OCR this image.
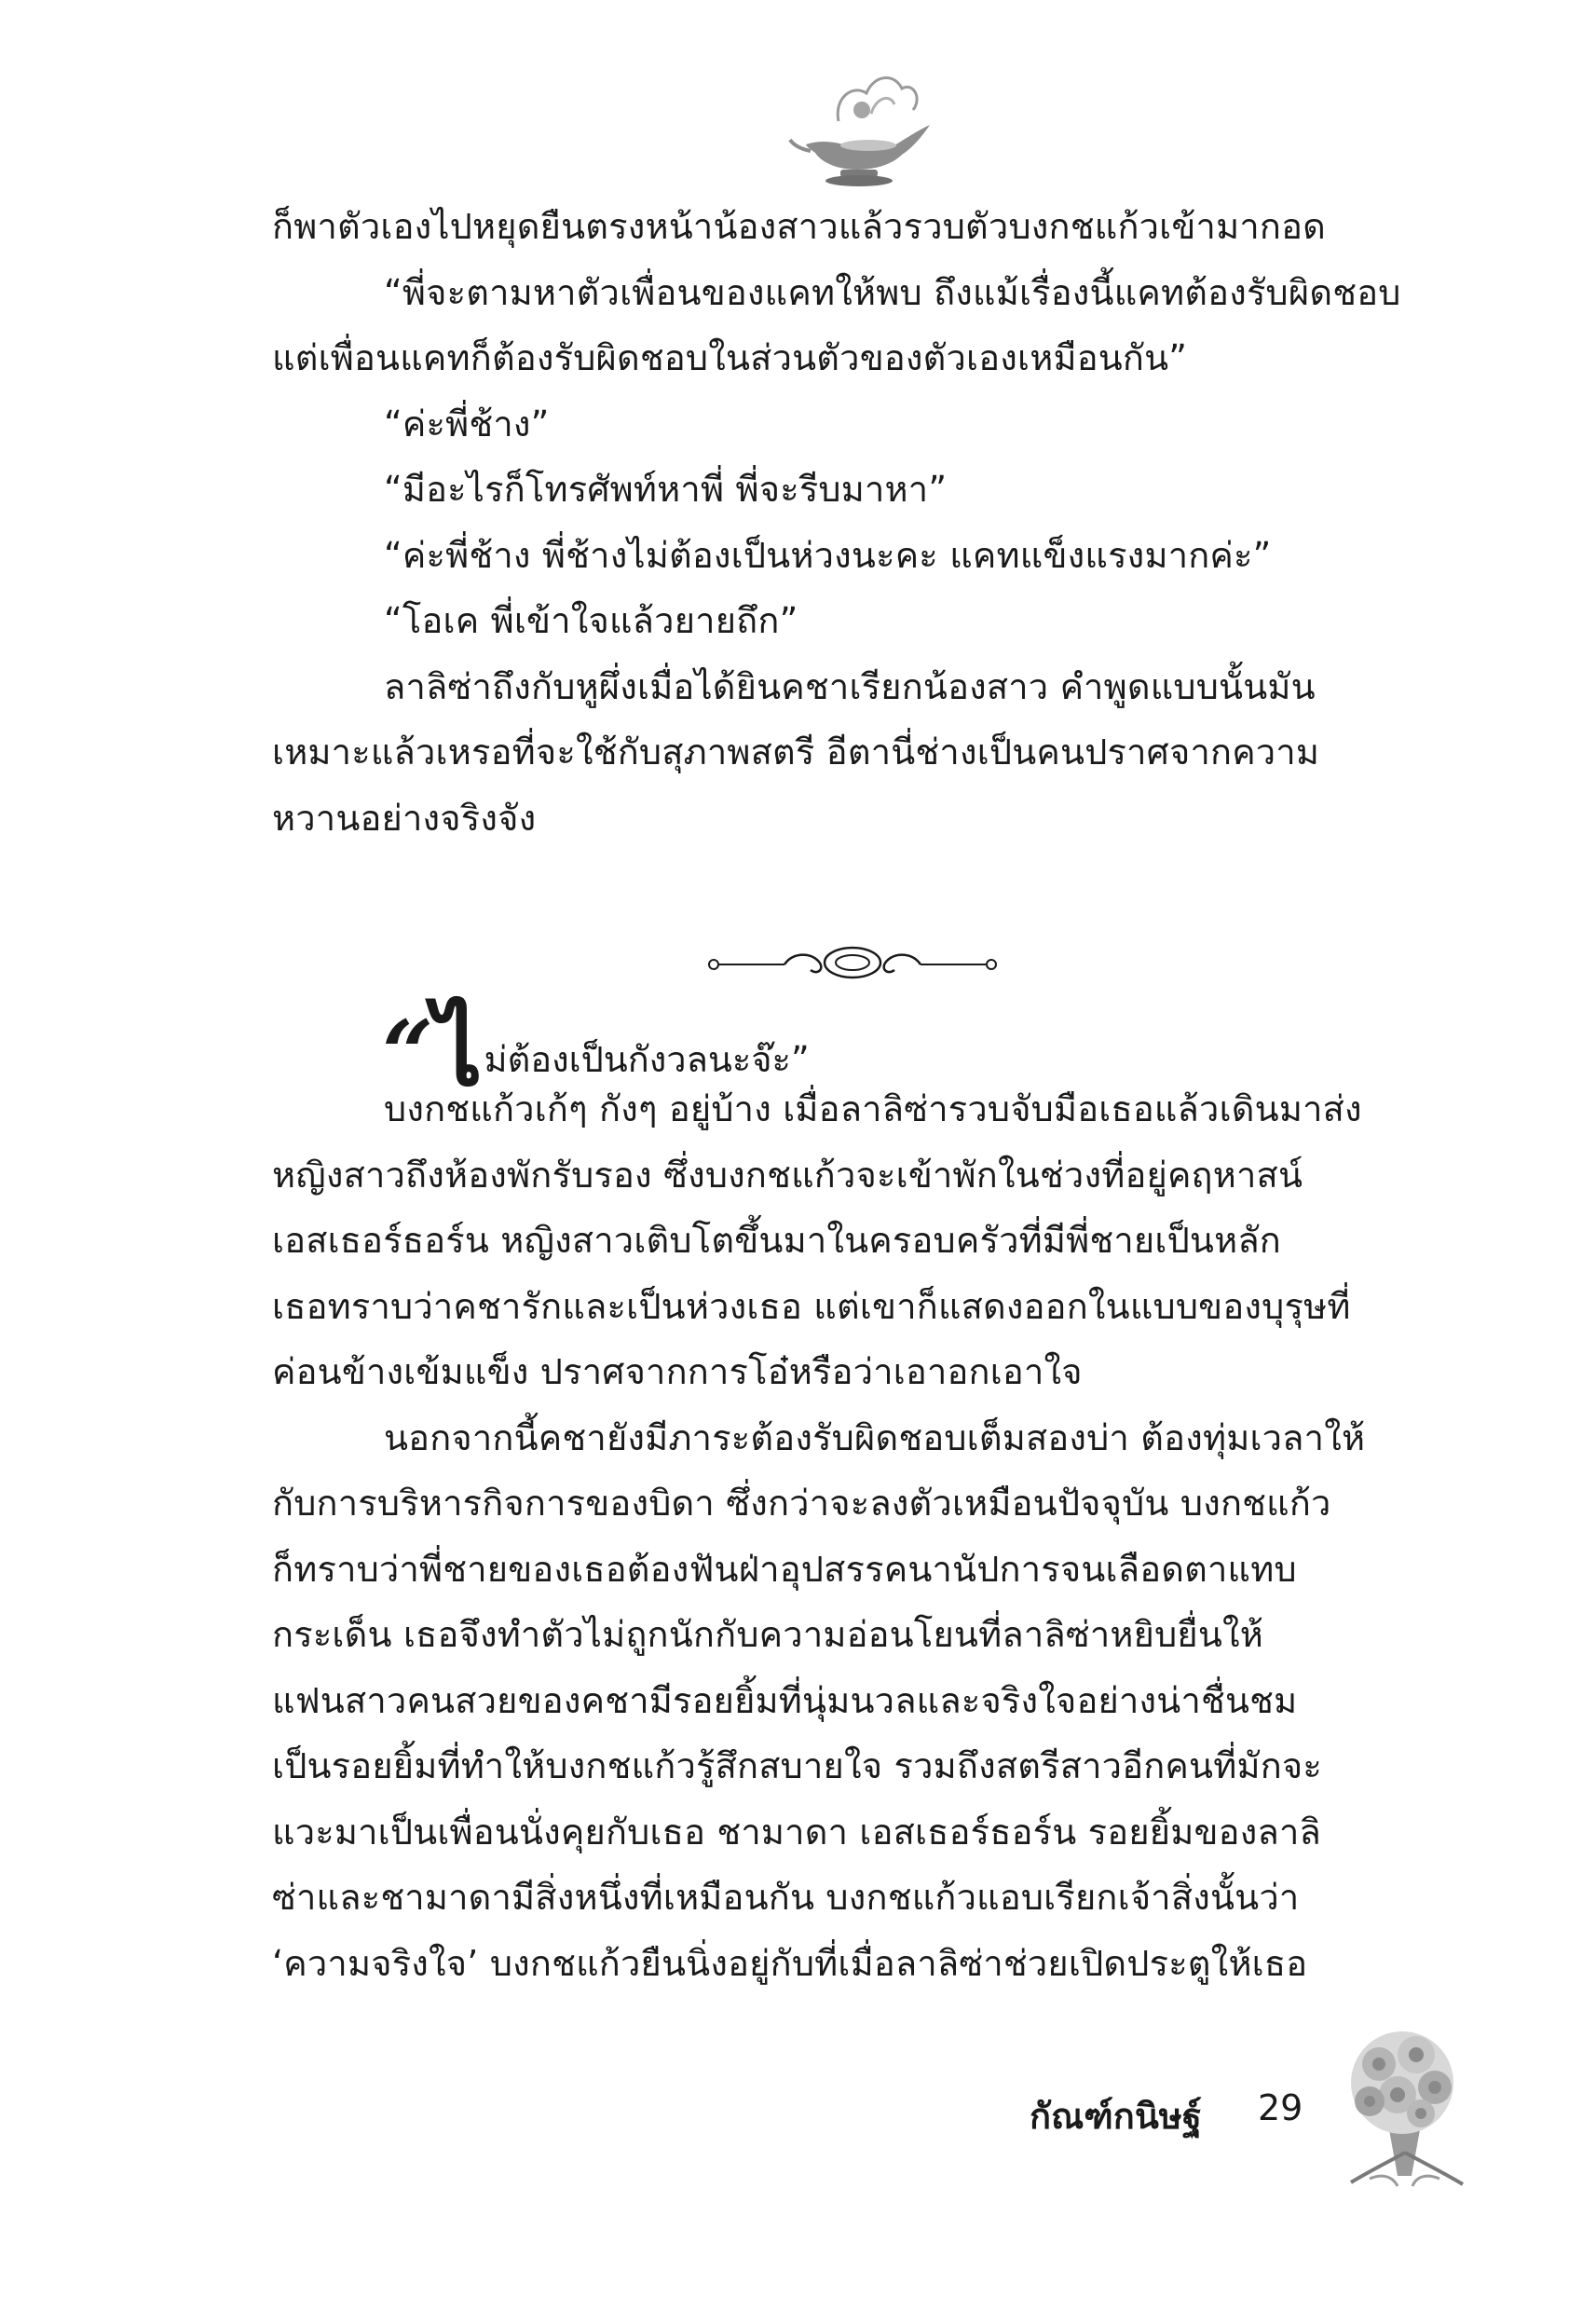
ก็พาตัวเองไปหยุดยืนตรงหน้าน้องสาวแล้วรวบตัวบงกชแก้วเข้ามากอด

“พี่จะตามหาตัวเพื่อนของแคทให้พบ ถึงแม้เรื่องนี้แคทต้องรับผิดชอบ

แต่เพื่อนแคทก็ต้องรับผิดชอบในส่วนตัวของตัวเองเหมือนกัน”

“ค่ะพี่ช้าง”

“มีอะไรก็โทรศัพท์หาพี่ พี่จะรีบมาหา”

“ค่ะพี่ช้าง พี่ช้างไม่ต้องเป็นห่วงนะคะ แคทแข็งแรงมากค่ะ”

“โอเค พี่เข้าใจแล้วยายถึก”

ลาลิซ่าถึงกับหูผึ่งเมื่อได้ยินคชาเรียกน้องสาว คำพูดแบบนั้นมัน

เหมาะแล้วเหรอที่จะใช้กับสุภาพสตรี อีตานี่ช่างเป็นคนปราศจากความ

หวานอย่างจริงจัง

“ไม่ต้องเป็นกังวลนะจ๊ะ”

บงกชแก้วเก้ๆ กังๆ อยู่บ้าง เมื่อลาลิซ่ารวบจับมือเธอแล้วเดินมาส่ง

หญิงสาวถึงห้องพักรับรอง ซึ่งบงกชแก้วจะเข้าพักในช่วงที่อยู่คฤหาสน์

เอสเธอร์ธอร์น หญิงสาวเติบโตขึ้นมาในครอบครัวที่มีพี่ชายเป็นหลัก

เธอทราบว่าคชารักและเป็นห่วงเธอ แต่เขาก็แสดงออกในแบบของบุรุษที่

ค่อนข้างเข้มแข็ง ปราศจากการโอ๋หรือว่าเอาอกเอาใจ

นอกจากนี้คชายังมีภาระต้องรับผิดชอบเต็มสองบ่า ต้องทุ่มเวลาให้

กับการบริหารกิจการของบิดา ซึ่งกว่าจะลงตัวเหมือนปัจจุบัน บงกชแก้ว

ก็ทราบว่าพี่ชายของเธอต้องฟันฝ่าอุปสรรคนานัปการจนเลือดตาแทบ

กระเด็น เธอจึงทำตัวไม่ถูกนักกับความอ่อนโยนที่ลาลิซ่าหยิบยื่นให้

แฟนสาวคนสวยของคชามีรอยยิ้มที่นุ่มนวลและจริงใจอย่างน่าชื่นชม

เป็นรอยยิ้มที่ทำให้บงกชแก้วรู้สึกสบายใจ รวมถึงสตรีสาวอีกคนที่มักจะ

แวะมาเป็นเพื่อนนั่งคุยกับเธอ ชามาดา เอสเธอร์ธอร์น รอยยิ้มของลาลิ

ซ่าและชามาดามีสิ่งหนึ่งที่เหมือนกัน บงกชแก้วแอบเรียกเจ้าสิ่งนั้นว่า

‘ความจริงใจ’ บงกชแก้วยืนนิ่งอยู่กับที่เมื่อลาลิซ่าช่วยเปิดประตูให้เธอ

กัณฑ์กนิษฐ์ 29
